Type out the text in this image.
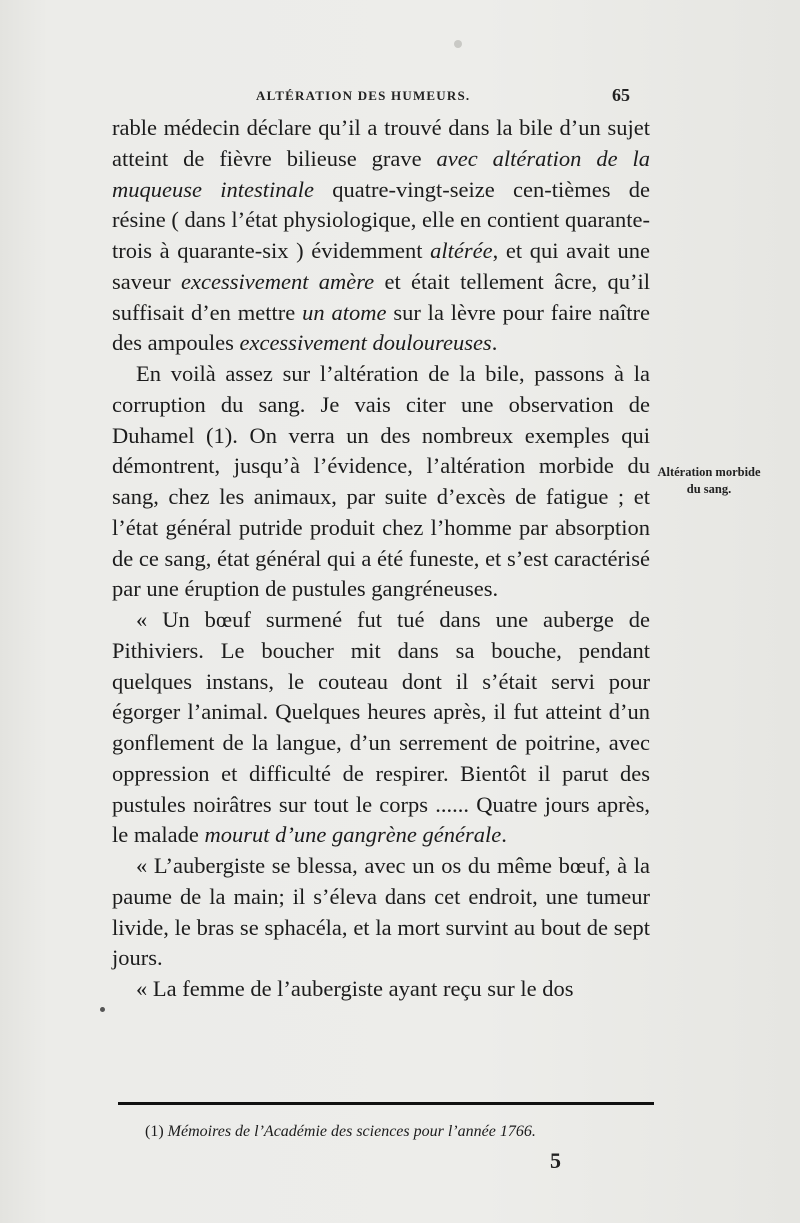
ALTÉRATION DES HUMEURS.	65

rable médecin déclare qu’il a trouvé dans la bile d’un sujet atteint de fièvre bilieuse grave avec altération de la muqueuse intestinale quatre-vingt-seize cen-tièmes de résine ( dans l’état physiologique, elle en contient quarante-trois à quarante-six ) évidemment altérée, et qui avait une saveur excessivement amère et était tellement âcre, qu’il suffisait d’en mettre un atome sur la lèvre pour faire naître des ampoules excessivement douloureuses.

En voilà assez sur l’altération de la bile, passons à la corruption du sang. Je vais citer une observation de Duhamel (1). On verra un des nombreux exemples qui démontrent, jusqu’à l’évidence, l’altération morbide du sang, chez les animaux, par suite d’excès de fatigue ; et l’état général putride produit chez l’homme par absorption de ce sang, état général qui a été funeste, et s’est caractérisé par une éruption de pustules gangréneuses.

« Un bœuf surmené fut tué dans une auberge de Pithiviers. Le boucher mit dans sa bouche, pendant quelques instans, le couteau dont il s’était servi pour égorger l’animal. Quelques heures après, il fut atteint d’un gonflement de la langue, d’un serrement de poitrine, avec oppression et difficulté de respirer. Bientôt il parut des pustules noirâtres sur tout le corps ...... Quatre jours après, le malade mourut d’une gangrène générale.

« L’aubergiste se blessa, avec un os du même bœuf, à la paume de la main; il s’éleva dans cet endroit, une tumeur livide, le bras se sphacéla, et la mort survint au bout de sept jours.

« La femme de l’aubergiste ayant reçu sur le dos

Altération morbide du sang.
(1) Mémoires de l’Académie des sciences pour l’année 1766.
5
